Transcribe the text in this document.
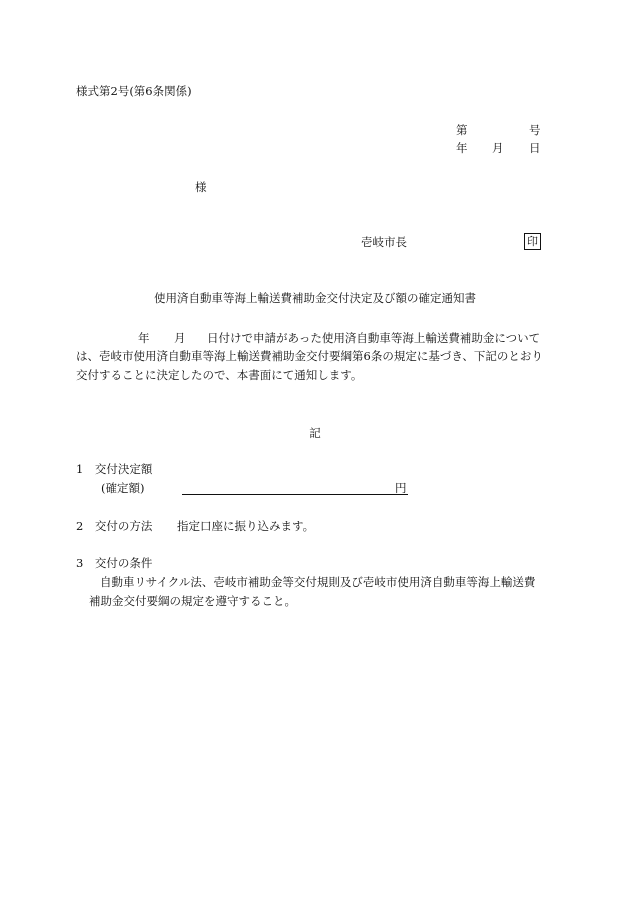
様式第2号(第6条関係)
第	号
年 月 日
様
壱岐市長	印
使用済自動車等海上輸送費補助金交付決定及び額の確定通知書
年 月 日付けで申請があった使用済自動車等海上輸送費補助金について
は、壱岐市使用済自動車等海上輸送費補助金交付要綱第6条の規定に基づき、下記のとおり
交付することに決定したので、本書面にて通知します。
記
1　交付決定額
(確定額)	円
2　交付の方法 指定口座に振り込みます。
3　交付の条件
自動車リサイクル法、壱岐市補助金等交付規則及び壱岐市使用済自動車等海上輸送費
補助金交付要綱の規定を遵守すること。
